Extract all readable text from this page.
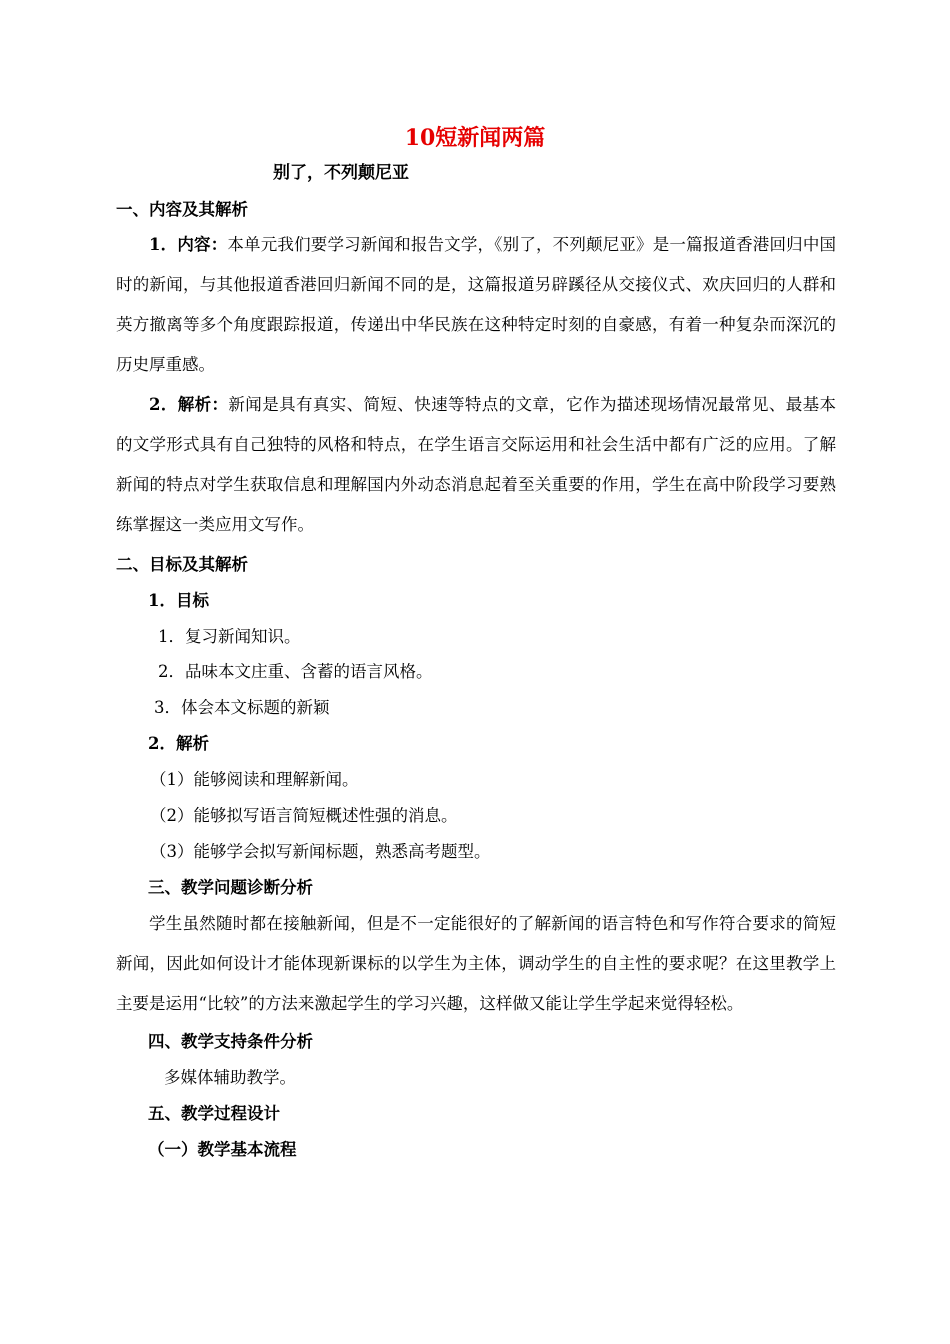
10短新闻两篇
别了，不列颠尼亚
一、内容及其解析
1．内容：本单元我们要学习新闻和报告文学，《别了，不列颠尼亚》是一篇报道香港回归中国时的新闻，与其他报道香港回归新闻不同的是，这篇报道另辟蹊径从交接仪式、欢庆回归的人群和英方撤离等多个角度跟踪报道，传递出中华民族在这种特定时刻的自豪感，有着一种复杂而深沉的历史厚重感。
2．解析：新闻是具有真实、简短、快速等特点的文章，它作为描述现场情况最常见、最基本的文学形式具有自己独特的风格和特点，在学生语言交际运用和社会生活中都有广泛的应用。了解新闻的特点对学生获取信息和理解国内外动态消息起着至关重要的作用，学生在高中阶段学习要熟练掌握这一类应用文写作。
二、目标及其解析
1．目标
1．复习新闻知识。
2．品味本文庄重、含蓄的语言风格。
3．体会本文标题的新颖
2．解析
（1）能够阅读和理解新闻。
（2）能够拟写语言简短概述性强的消息。
（3）能够学会拟写新闻标题，熟悉高考题型。
三、教学问题诊断分析
学生虽然随时都在接触新闻，但是不一定能很好的了解新闻的语言特色和写作符合要求的简短新闻，因此如何设计才能体现新课标的以学生为主体，调动学生的自主性的要求呢？在这里教学上主要是运用“比较”的方法来激起学生的学习兴趣，这样做又能让学生学起来觉得轻松。
四、教学支持条件分析
多媒体辅助教学。
五、教学过程设计
（一）教学基本流程
